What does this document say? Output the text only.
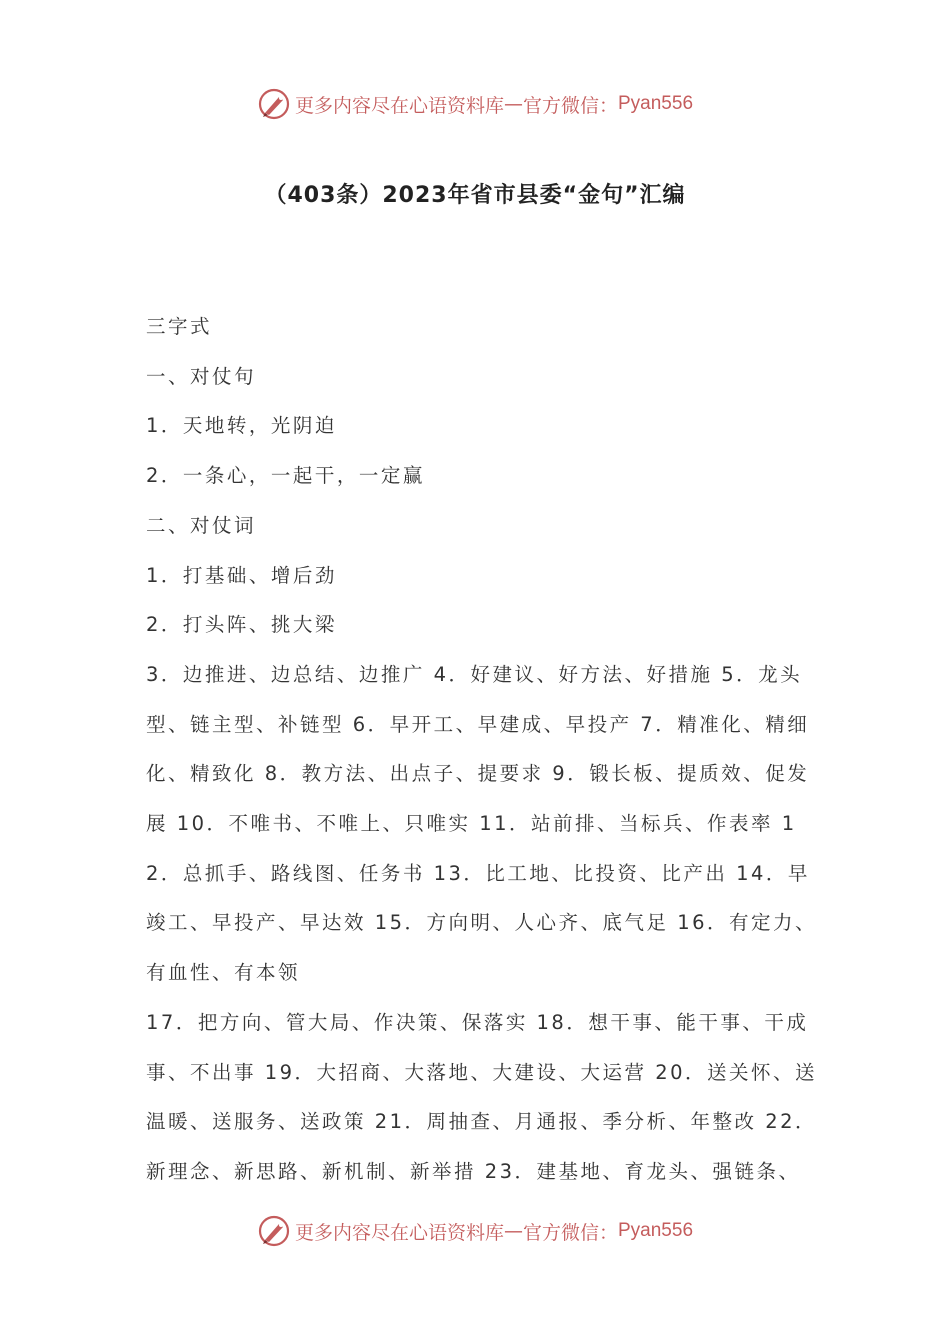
更多内容尽在心语资料库 — 官方微信： Pyan556
（403条）2023年省市县委“金句”汇编

三字式

一、对仗句

1．天地转，光阴迫

2．一条心，一起干，一定赢

二、对仗词

1．打基础、增后劲

2．打头阵、挑大梁

3．边推进、边总结、边推广 4．好建议、好方法、好措施 5．龙头型、链主型、补链型 6．早开工、早建成、早投产 7．精准化、精细化、精致化 8．教方法、出点子、提要求 9．锻长板、提质效、促发展 10．不唯书、不唯上、只唯实 11．站前排、当标兵、作表率 12．总抓手、路线图、任务书 13．比工地、比投资、比产出 14．早竣工、早投产、早达效 15．方向明、人心齐、底气足 16．有定力、有血性、有本领

17．把方向、管大局、作决策、保落实 18．想干事、能干事、干成事、不出事 19．大招商、大落地、大建设、大运营 20．送关怀、送温暖、送服务、送政策 21．周抽查、月通报、季分析、年整改 22．新理念、新思路、新机制、新举措 23．建基地、育龙头、强链条、

更多内容尽在心语资料库 — 官方微信： Pyan556
